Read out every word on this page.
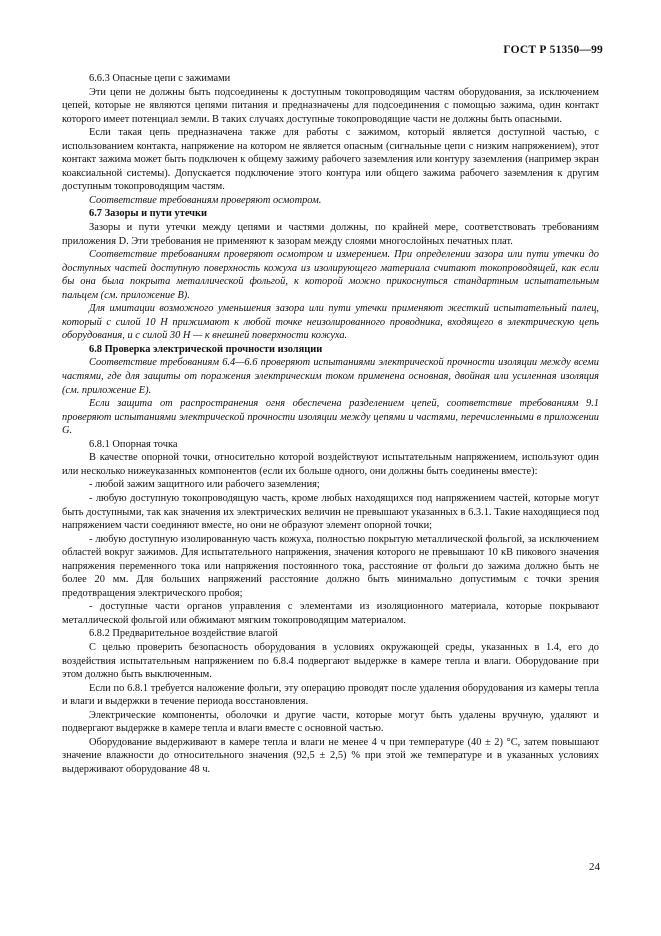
ГОСТ Р 51350—99

6.6.3 Опасные цепи с зажимами

Эти цепи не должны быть подсоединены к доступным токопроводящим частям оборудования, за исключением цепей, которые не являются цепями питания и предназначены для подсоединения с помощью зажима, один контакт которого имеет потенциал земли. В таких случаях доступные токопроводящие части не должны быть опасными.

Если такая цепь предназначена также для работы с зажимом, который является доступной частью, с использованием контакта, напряжение на котором не является опасным (сигнальные цепи с низким напряжением), этот контакт зажима может быть подключен к общему зажиму рабочего заземления или контуру заземления (например экран коаксиальной системы). Допускается подключение этого контура или общего зажима рабочего заземления к другим доступным токопроводящим частям.

Соответствие требованиям проверяют осмотром.

6.7 Зазоры и пути утечки

Зазоры и пути утечки между цепями и частями должны, по крайней мере, соответствовать требованиям приложения D. Эти требования не применяют к зазорам между слоями многослойных печатных плат.

Соответствие требованиям проверяют осмотром и измерением. При определении зазора или пути утечки до доступных частей доступную поверхность кожуха из изолирующего материала считают токопроводящей, как если бы она была покрыта металлической фольгой, к которой можно прикоснуться стандартным испытательным пальцем (см. приложение B).

Для имитации возможного уменьшения зазора или пути утечки применяют жесткий испытательный палец, который с силой 10 Н прижимают к любой точке неизолированного проводника, входящего в электрическую цепь оборудования, и с силой 30 Н — к внешней поверхности кожуха.

6.8 Проверка электрической прочности изоляции

Соответствие требованиям 6.4—6.6 проверяют испытаниями электрической прочности изоляции между всеми частями, где для защиты от поражения электрическим током применена основная, двойная или усиленная изоляция (см. приложение E).

Если защита от распространения огня обеспечена разделением цепей, соответствие требованиям 9.1 проверяют испытаниями электрической прочности изоляции между цепями и частями, перечисленными в приложении G.

6.8.1 Опорная точка

В качестве опорной точки, относительно которой воздействуют испытательным напряжением, используют один или несколько нижеуказанных компонентов (если их больше одного, они должны быть соединены вместе):

- любой зажим защитного или рабочего заземления;

- любую доступную токопроводящую часть, кроме любых находящихся под напряжением частей, которые могут быть доступными, так как значения их электрических величин не превышают указанных в 6.3.1. Такие находящиеся под напряжением части соединяют вместе, но они не образуют элемент опорной точки;

- любую доступную изолированную часть кожуха, полностью покрытую металлической фольгой, за исключением областей вокруг зажимов. Для испытательного напряжения, значения которого не превышают 10 кВ пикового значения напряжения переменного тока или напряжения постоянного тока, расстояние от фольги до зажима должно быть не более 20 мм. Для больших напряжений расстояние должно быть минимально допустимым с точки зрения предотвращения электрического пробоя;

- доступные части органов управления с элементами из изоляционного материала, которые покрывают металлической фольгой или обжимают мягким токопроводящим материалом.

6.8.2 Предварительное воздействие влагой

С целью проверить безопасность оборудования в условиях окружающей среды, указанных в 1.4, его до воздействия испытательным напряжением по 6.8.4 подвергают выдержке в камере тепла и влаги. Оборудование при этом должно быть выключенным.

Если по 6.8.1 требуется наложение фольги, эту операцию проводят после удаления оборудования из камеры тепла и влаги и выдержки в течение периода восстановления.

Электрические компоненты, оболочки и другие части, которые могут быть удалены вручную, удаляют и подвергают выдержке в камере тепла и влаги вместе с основной частью.

Оборудование выдерживают в камере тепла и влаги не менее 4 ч при температуре (40 ± 2) °C, затем повышают значение влажности до относительного значения (92,5 ± 2,5) % при этой же температуре и в указанных условиях выдерживают оборудование 48 ч.

24
